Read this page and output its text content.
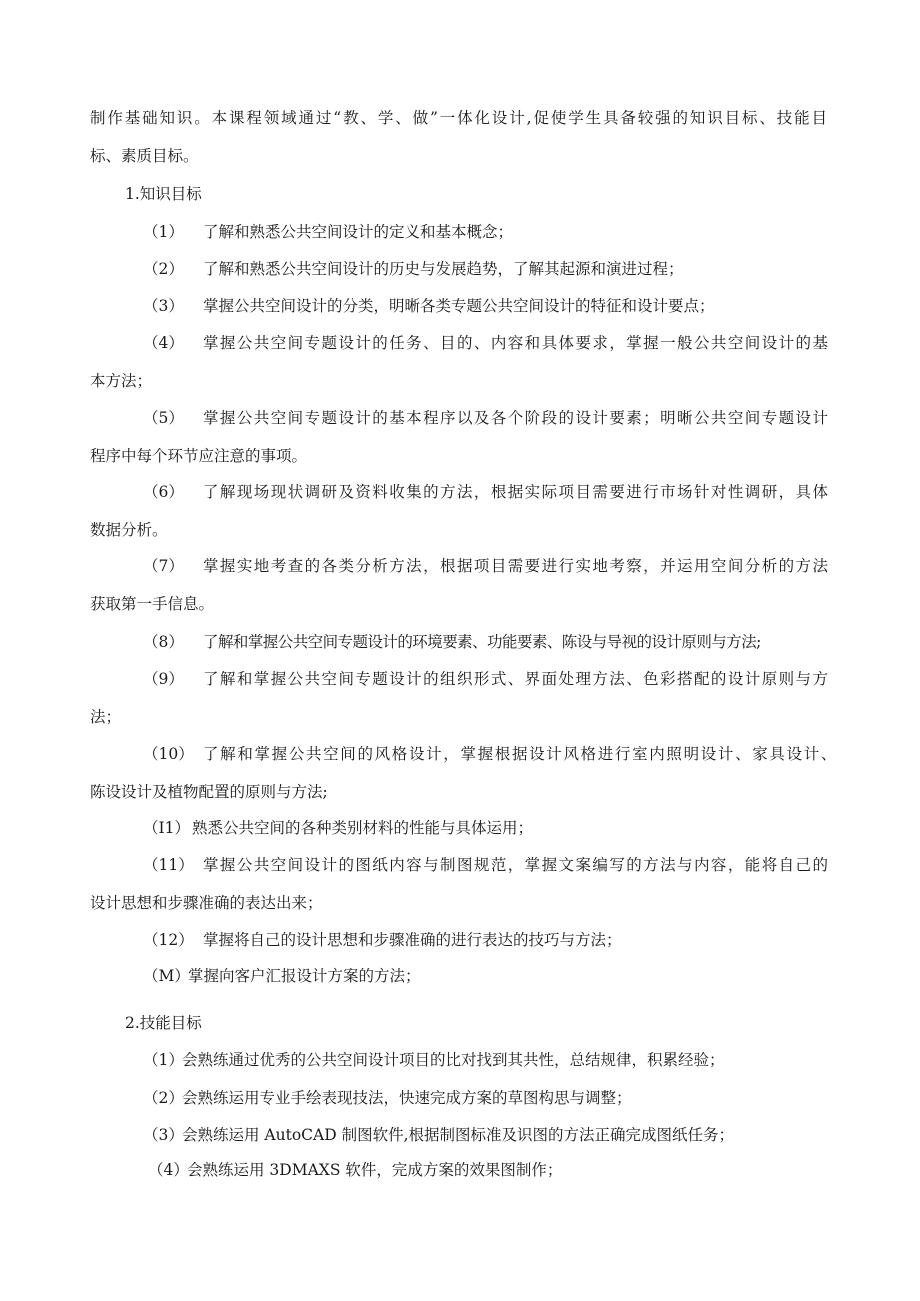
制作基础知识。本课程领域通过“教、学、做”一体化设计,促使学生具备较强的知识目标、技能目
标、素质目标。
1.知识目标
（1） 了解和熟悉公共空间设计的定义和基本概念；
（2） 了解和熟悉公共空间设计的历史与发展趋势，了解其起源和演进过程；
（3） 掌握公共空间设计的分类，明晰各类专题公共空间设计的特征和设计要点；
（4） 掌握公共空间专题设计的任务、目的、内容和具体要求，掌握一般公共空间设计的基
本方法；
（5） 掌握公共空间专题设计的基本程序以及各个阶段的设计要素；明晰公共空间专题设计
程序中每个环节应注意的事项。
（6） 了解现场现状调研及资料收集的方法，根据实际项目需要进行市场针对性调研，具体
数据分析。
（7） 掌握实地考查的各类分析方法，根据项目需要进行实地考察，并运用空间分析的方法
获取第一手信息。
（8） 了解和掌握公共空间专题设计的环境要素、功能要素、陈设与导视的设计原则与方法;
（9） 了解和掌握公共空间专题设计的组织形式、界面处理方法、色彩搭配的设计原则与方
法；
（10） 了解和掌握公共空间的风格设计，掌握根据设计风格进行室内照明设计、家具设计、
陈设设计及植物配置的原则与方法;
（I1） 熟悉公共空间的各种类别材料的性能与具体运用；
（11） 掌握公共空间设计的图纸内容与制图规范，掌握文案编写的方法与内容，能将自己的
设计思想和步骤准确的表达出来；
（12） 掌握将自己的设计思想和步骤准确的进行表达的技巧与方法；
（M）
掌握向客户汇报设计方案的方法；
2.技能目标
（1）
会熟练通过优秀的公共空间设计项目的比对找到其共性，总结规律，积累经验；
（2）
会熟练运用专业手绘表现技法，快速完成方案的草图构思与调整；
（3）
会熟练运用 AutoCAD 制图软件,根据制图标准及识图的方法正确完成图纸任务；
（4）
会熟练运用 3DMAXS 软件，完成方案的效果图制作；
